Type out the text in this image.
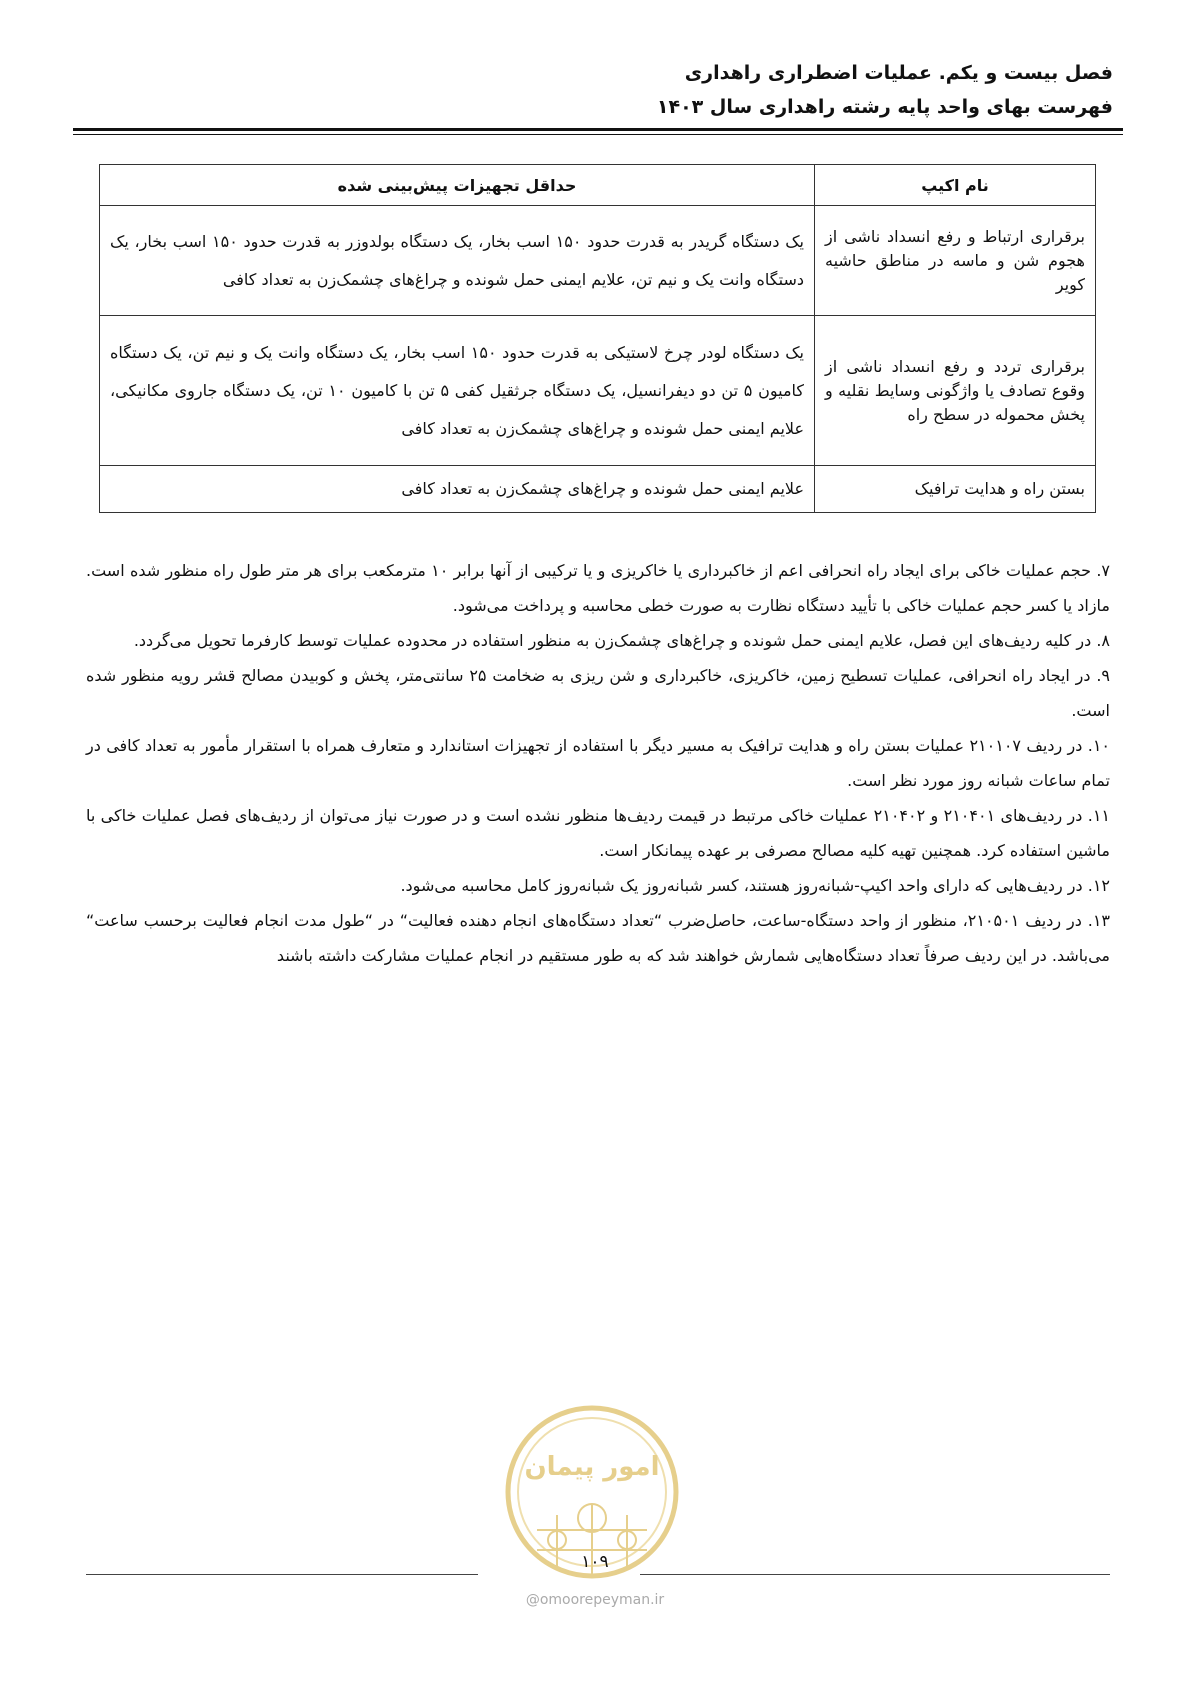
فصل بیست و یکم. عملیات اضطراری راهداری
فهرست بهای واحد پایه رشته راهداری سال ۱۴۰۳
نام اکیپ	حداقل تجهیزات پیش‌بینی شده
برقراری ارتباط و رفع انسداد ناشی از هجوم شن و ماسه در مناطق حاشیه کویر	یک دستگاه گریدر به قدرت حدود ۱۵۰ اسب بخار، یک دستگاه بولدوزر به قدرت حدود ۱۵۰ اسب بخار، یک دستگاه وانت یک و نیم تن، علایم ایمنی حمل شونده و چراغ‌های چشمک‌زن به تعداد کافی
برقراری تردد و رفع انسداد ناشی از وقوع تصادف یا واژگونی وسایط نقلیه و پخش محموله در سطح راه	یک دستگاه لودر چرخ لاستیکی به قدرت حدود ۱۵۰ اسب بخار، یک دستگاه وانت یک و نیم تن، یک دستگاه کامیون ۵ تن دو دیفرانسیل، یک دستگاه جرثقیل کفی ۵ تن با کامیون ۱۰ تن، یک دستگاه جاروی مکانیکی، علایم ایمنی حمل شونده و چراغ‌های چشمک‌زن به تعداد کافی
بستن راه و هدایت ترافیک	علایم ایمنی حمل شونده و چراغ‌های چشمک‌زن به تعداد کافی

۷. حجم عملیات خاکی برای ایجاد راه انحرافی اعم از خاکبرداری یا خاکریزی و یا ترکیبی از آنها برابر ۱۰ مترمکعب برای هر متر طول راه منظور شده است. مازاد یا کسر حجم عملیات خاکی با تأیید دستگاه نظارت به صورت خطی محاسبه و پرداخت می‌شود.

۸. در کلیه ردیف‌های این فصل، علایم ایمنی حمل شونده و چراغ‌های چشمک‌زن به منظور استفاده در محدوده عملیات توسط کارفرما تحویل می‌گردد.

۹. در ایجاد راه انحرافی، عملیات تسطیح زمین، خاکریزی، خاکبرداری و شن ریزی به ضخامت ۲۵ سانتی‌متر، پخش و کوبیدن مصالح قشر رویه منظور شده است.

۱۰. در ردیف ۲۱۰۱۰۷ عملیات بستن راه و هدایت ترافیک به مسیر دیگر با استفاده از تجهیزات استاندارد و متعارف همراه با استقرار مأمور به تعداد کافی در تمام ساعات شبانه روز مورد نظر است.

۱۱. در ردیف‌های ۲۱۰۴۰۱ و ۲۱۰۴۰۲ عملیات خاکی مرتبط در قیمت ردیف‌ها منظور نشده است و در صورت نیاز می‌توان از ردیف‌های فصل عملیات خاکی با ماشین استفاده کرد. همچنین تهیه کلیه مصالح مصرفی بر عهده پیمانکار است.

۱۲. در ردیف‌هایی که دارای واحد اکیپ-شبانه‌روز هستند، کسر شبانه‌روز یک شبانه‌روز کامل محاسبه می‌شود.

۱۳. در ردیف ۲۱۰۵۰۱، منظور از واحد دستگاه-ساعت، حاصل‌ضرب “تعداد دستگاه‌های انجام دهنده فعالیت“ در “طول مدت انجام فعالیت برحسب ساعت“ می‌باشد. در این ردیف صرفاً تعداد دستگاه‌هایی شمارش خواهند شد که به طور مستقیم در انجام عملیات مشارکت داشته باشند

امور پیمان
۱۰۹
@omoorepeyman.ir
